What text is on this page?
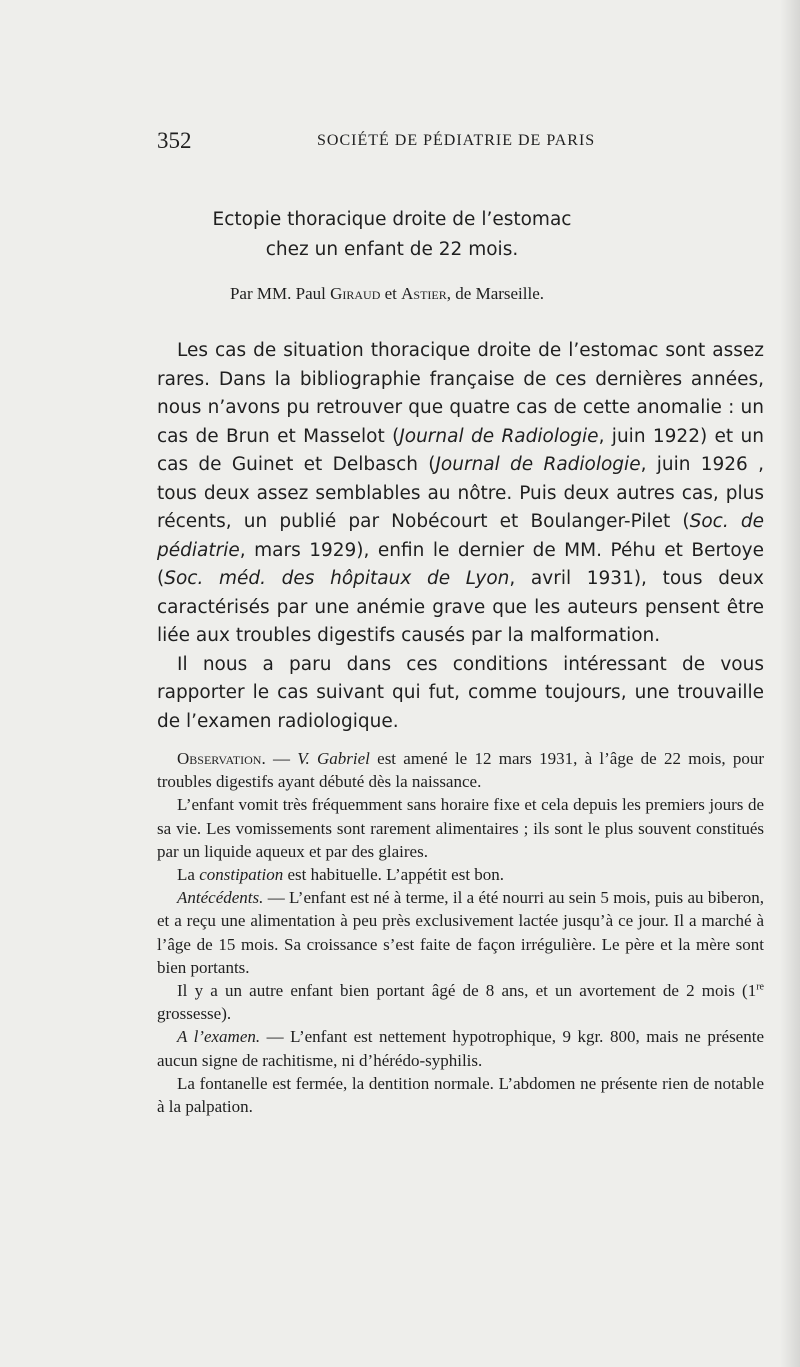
352	SOCIÉTÉ DE PÉDIATRIE DE PARIS
Ectopie thoracique droite de l’estomac
chez un enfant de 22 mois.
Par MM. Paul Giraud et Astier, de Marseille.

Les cas de situation thoracique droite de l’estomac sont assez rares. Dans la bibliographie française de ces dernières années, nous n’avons pu retrouver que quatre cas de cette anomalie : un cas de Brun et Masselot (Journal de Radiologie, juin 1922) et un cas de Guinet et Delbasch (Journal de Radiologie, juin 1926 , tous deux assez semblables au nôtre. Puis deux autres cas, plus récents, un publié par Nobécourt et Boulanger-Pilet (Soc. de pédiatrie, mars 1929), enfin le dernier de MM. Péhu et Bertoye (Soc. méd. des hôpitaux de Lyon, avril 1931), tous deux caractérisés par une anémie grave que les auteurs pensent être liée aux troubles digestifs causés par la malformation.

Il nous a paru dans ces conditions intéressant de vous rapporter le cas suivant qui fut, comme toujours, une trouvaille de l’examen radiologique.

Observation. — V. Gabriel est amené le 12 mars 1931, à l’âge de 22 mois, pour troubles digestifs ayant débuté dès la naissance.

L’enfant vomit très fréquemment sans horaire fixe et cela depuis les premiers jours de sa vie. Les vomissements sont rarement alimentaires ; ils sont le plus souvent constitués par un liquide aqueux et par des glaires.

La constipation est habituelle. L’appétit est bon.

Antécédents. — L’enfant est né à terme, il a été nourri au sein 5 mois, puis au biberon, et a reçu une alimentation à peu près exclusivement lactée jusqu’à ce jour. Il a marché à l’âge de 15 mois. Sa croissance s’est faite de façon irrégulière. Le père et la mère sont bien portants.

Il y a un autre enfant bien portant âgé de 8 ans, et un avortement de 2 mois (1re grossesse).

A l’examen. — L’enfant est nettement hypotrophique, 9 kgr. 800, mais ne présente aucun signe de rachitisme, ni d’hérédo-syphilis.

La fontanelle est fermée, la dentition normale. L’abdomen ne présente rien de notable à la palpation.
